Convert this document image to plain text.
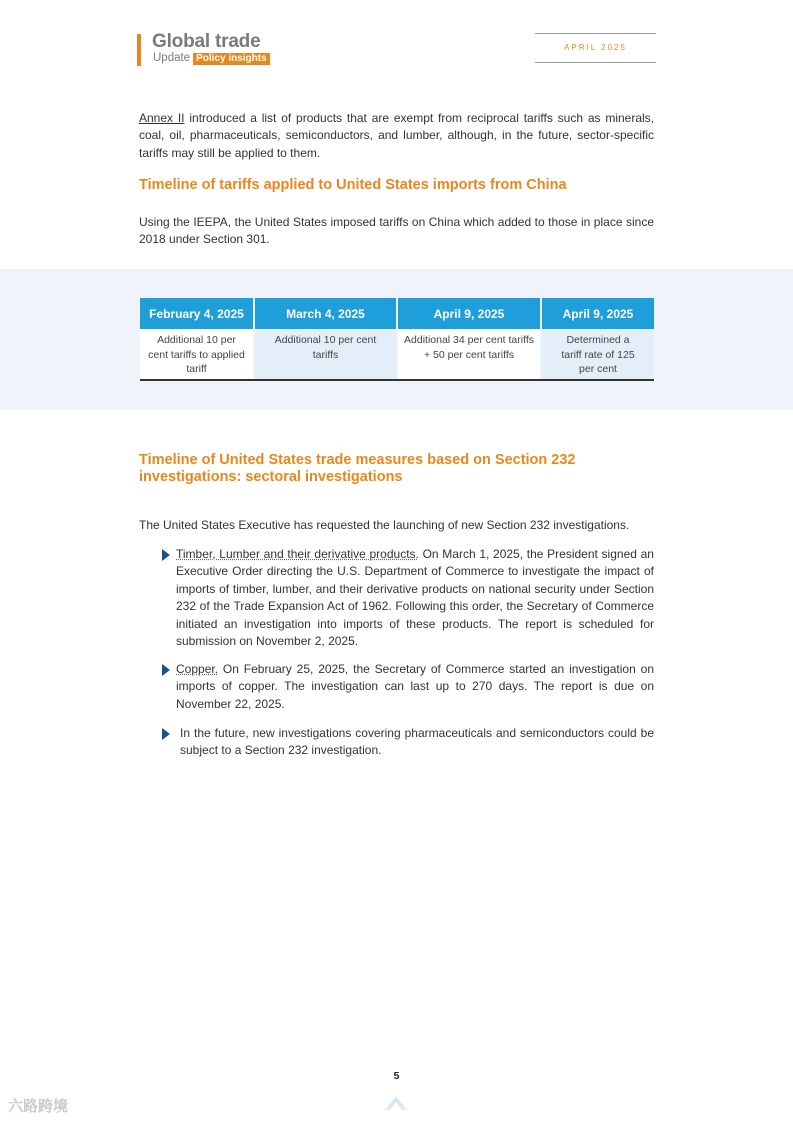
Global trade
Update Policy insights
APRIL 2025
Annex II introduced a list of products that are exempt from reciprocal tariffs such as minerals, coal, oil, pharmaceuticals, semiconductors, and lumber, although, in the future, sector-specific tariffs may still be applied to them.
Timeline of tariffs applied to United States imports from China
Using the IEEPA, the United States imposed tariffs on China which added to those in place since 2018 under Section 301.
February 4, 2025	March 4, 2025	April 9, 2025	April 9, 2025
Additional 10 per cent tariffs to applied tariff	Additional 10 per cent tariffs	Additional 34 per cent tariffs + 50 per cent tariffs	Determined a tariff rate of 125 per cent
Timeline of United States trade measures based on Section 232
investigations: sectoral investigations
The United States Executive has requested the launching of new Section 232 investigations.
Timber, Lumber and their derivative products. On March 1, 2025, the President signed an Executive Order directing the U.S. Department of Commerce to investigate the impact of imports of timber, lumber, and their derivative products on national security under Section 232 of the Trade Expansion Act of 1962. Following this order, the Secretary of Commerce initiated an investigation into imports of these products. The report is scheduled for submission on November 2, 2025.
Copper. On February 25, 2025, the Secretary of Commerce started an investigation on imports of copper. The investigation can last up to 270 days. The report is due on November 22, 2025.
In the future, new investigations covering pharmaceuticals and semiconductors could be subject to a Section 232 investigation.
5
六路跨境
